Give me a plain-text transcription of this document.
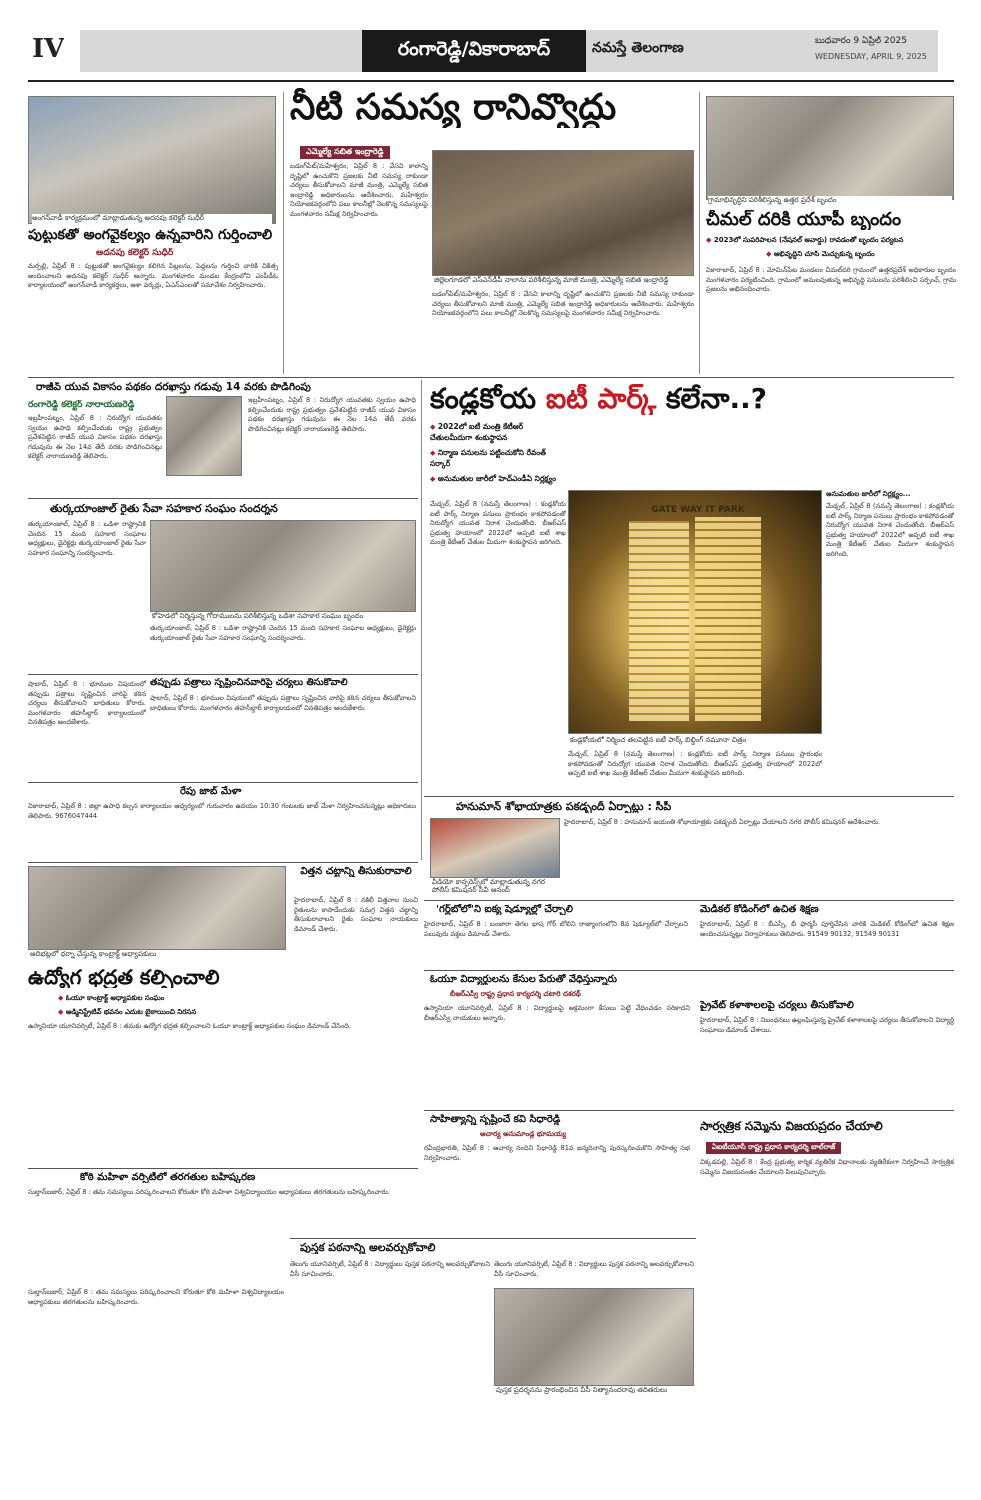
IV	రంగారెడ్డి/వికారాబాద్	నమస్తే తెలంగాణ	బుధవారం 9 ఏప్రిల్ 2025
WEDNESDAY, APRIL 9, 2025
అంగన్‌వాడీ కార్యక్రమంలో మాట్లాడుతున్న అదనపు కలెక్టర్ సుధీర్
పుట్టుకతో అంగవైకల్యం ఉన్నవారిని గుర్తించాలి
అదనపు కలెక్టర్ సుధీర్
మర్పల్లి, ఏప్రిల్ 8 : పుట్టుకతో అంగవైకల్యం కలిగిన పిల్లలను, పెద్దలను గుర్తించి వారికి చికిత్స అందించాలని అదనపు కలెక్టర్ సుధీర్ అన్నారు. మంగళవారం మండల కేంద్రంలోని ఎంపీడీఓ కార్యాలయంలో అంగన్‌వాడీ కార్యకర్తలు, ఆశా వర్కర్లు, ఏఎన్‌ఎంలతో సమావేశం నిర్వహించారు.
నీటి సమస్య రానివ్వొద్దు
ఎమ్మెల్యే సబిత ఇంద్రారెడ్డి
బడంగ్‌పేట్/మహేశ్వరం, ఏప్రిల్ 8 : వేసవి కాలాన్ని దృష్టిలో ఉంచుకొని ప్రజలకు నీటి సమస్య రాకుండా చర్యలు తీసుకోవాలని మాజీ మంత్రి, ఎమ్మెల్యే సబిత ఇంద్రారెడ్డి అధికారులను ఆదేశించారు. మహేశ్వరం నియోజకవర్గంలోని పలు కాలనీల్లో నెలకొన్న సమస్యలపై మంగళవారం సమీక్ష నిర్వహించారు.
జిల్లెలగూడలో ఎస్‌ఎన్‌డీపీ నాలాను పరిశీలిస్తున్న మాజీ మంత్రి, ఎమ్మెల్యే సబిత ఇంద్రారెడ్డి
బడంగ్‌పేట్/మహేశ్వరం, ఏప్రిల్ 8 : వేసవి కాలాన్ని దృష్టిలో ఉంచుకొని ప్రజలకు నీటి సమస్య రాకుండా చర్యలు తీసుకోవాలని మాజీ మంత్రి, ఎమ్మెల్యే సబిత ఇంద్రారెడ్డి అధికారులను ఆదేశించారు. మహేశ్వరం నియోజకవర్గంలోని పలు కాలనీల్లో నెలకొన్న సమస్యలపై మంగళవారం సమీక్ష నిర్వహించారు.
గ్రామాభివృద్ధిని పరిశీలిస్తున్న ఉత్తర ప్రదేశ్ బృందం
చీమల్ దరికి యూపీ బృందం
◆ 2023లో సుపరిపాలన (నేషనల్ అవార్డు) రావడంతో బృందం పర్యటన
◆ అభివృద్ధిని చూసి మెచ్చుకున్న బృందం
వికారాబాద్, ఏప్రిల్ 8 : మోమిన్‌పేట మండలం చీమల్‌దరి గ్రామంలో ఉత్తరప్రదేశ్ అధికారుల బృందం మంగళవారం పర్యటించింది. గ్రామంలో అమలవుతున్న అభివృద్ధి పనులను పరిశీలించి సర్పంచ్, గ్రామ ప్రజలను అభినందించారు.
రాజీవ్ యువ వికాసం పథకం దరఖాస్తు గడువు 14 వరకు పొడిగింపు
రంగారెడ్డి కలెక్టర్ నారాయణరెడ్డి
ఇబ్రహీంపట్నం, ఏప్రిల్ 8 : నిరుద్యోగ యువతకు స్వయం ఉపాధి కల్పించేందుకు రాష్ట్ర ప్రభుత్వం ప్రవేశపెట్టిన రాజీవ్ యువ వికాసం పథకం దరఖాస్తు గడువును ఈ నెల 14వ తేదీ వరకు పొడిగించినట్లు కలెక్టర్ నారాయణరెడ్డి తెలిపారు.
ఇబ్రహీంపట్నం, ఏప్రిల్ 8 : నిరుద్యోగ యువతకు స్వయం ఉపాధి కల్పించేందుకు రాష్ట్ర ప్రభుత్వం ప్రవేశపెట్టిన రాజీవ్ యువ వికాసం పథకం దరఖాస్తు గడువును ఈ నెల 14వ తేదీ వరకు పొడిగించినట్లు కలెక్టర్ నారాయణరెడ్డి తెలిపారు.
కండ్లకోయ ఐటీ పార్క్ కలేనా..?
◆ 2022లో ఐటీ మంత్రి కేటీఆర్ చేతులమీదుగా శంకుస్థాపన
◆ నిర్మాణ పనులను పట్టించుకోని రేవంత్ సర్కార్
◆ అనుమతుల జారీలో హెచ్‌ఎండీఏ నిర్లక్ష్యం
మేడ్చల్, ఏప్రిల్ 8 (నమస్తే తెలంగాణ) : కండ్లకోయ ఐటీ పార్క్ నిర్మాణ పనులు ప్రారంభం కాకపోవడంతో నిరుద్యోగ యువత నిరాశ చెందుతోంది. బీఆర్‌ఎస్ ప్రభుత్వ హయాంలో 2022లో అప్పటి ఐటీ శాఖ మంత్రి కేటీఆర్ చేతుల మీదుగా శంకుస్థాపన జరిగింది.
GATE WAY IT PARK
కండ్లకోయలో నిర్మించ తలపెట్టిన ఐటీ పార్క్ బిల్డింగ్ నమూనా చిత్రం
అనుమతుల జారీలో నిర్లక్ష్యం...
మేడ్చల్, ఏప్రిల్ 8 (నమస్తే తెలంగాణ) : కండ్లకోయ ఐటీ పార్క్ నిర్మాణ పనులు ప్రారంభం కాకపోవడంతో నిరుద్యోగ యువత నిరాశ చెందుతోంది. బీఆర్‌ఎస్ ప్రభుత్వ హయాంలో 2022లో అప్పటి ఐటీ శాఖ మంత్రి కేటీఆర్ చేతుల మీదుగా శంకుస్థాపన జరిగింది.
మేడ్చల్, ఏప్రిల్ 8 (నమస్తే తెలంగాణ) : కండ్లకోయ ఐటీ పార్క్ నిర్మాణ పనులు ప్రారంభం కాకపోవడంతో నిరుద్యోగ యువత నిరాశ చెందుతోంది. బీఆర్‌ఎస్ ప్రభుత్వ హయాంలో 2022లో అప్పటి ఐటీ శాఖ మంత్రి కేటీఆర్ చేతుల మీదుగా శంకుస్థాపన జరిగింది.
తుర్కయాంజాల్ రైతు సేవా సహకార సంఘం సందర్శన
తుర్కయాంజాల్, ఏప్రిల్ 8 : ఒడిశా రాష్ట్రానికి చెందిన 15 మంది సహకార సంఘాల అధ్యక్షులు, డైరెక్టర్లు తుర్కయాంజాల్ రైతు సేవా సహకార సంఘాన్ని సందర్శించారు.
కోహెడలో నిర్మిస్తున్న గోదాములను పరిశీలిస్తున్న ఒడిశా సహకార సంఘం బృందం
తుర్కయాంజాల్, ఏప్రిల్ 8 : ఒడిశా రాష్ట్రానికి చెందిన 15 మంది సహకార సంఘాల అధ్యక్షులు, డైరెక్టర్లు తుర్కయాంజాల్ రైతు సేవా సహకార సంఘాన్ని సందర్శించారు.
తప్పుడు పత్రాలు సృష్టించినవారిపై చర్యలు తీసుకోవాలి
షాబాద్, ఏప్రిల్ 8 : భూముల విషయంలో తప్పుడు పత్రాలు సృష్టించిన వారిపై కఠిన చర్యలు తీసుకోవాలని బాధితులు కోరారు. మంగళవారం తహసీల్దార్ కార్యాలయంలో వినతిపత్రం అందజేశారు.
షాబాద్, ఏప్రిల్ 8 : భూముల విషయంలో తప్పుడు పత్రాలు సృష్టించిన వారిపై కఠిన చర్యలు తీసుకోవాలని బాధితులు కోరారు. మంగళవారం తహసీల్దార్ కార్యాలయంలో వినతిపత్రం అందజేశారు.
రేపు జాబ్ మేళా
వికారాబాద్, ఏప్రిల్ 8 : జిల్లా ఉపాధి కల్పన కార్యాలయం ఆధ్వర్యంలో గురువారం ఉదయం 10:30 గంటలకు జాబ్ మేళా నిర్వహించనున్నట్లు అధికారులు తెలిపారు. 9676047444
హనుమాన్ శోభాయాత్రకు పకడ్బందీ ఏర్పాట్లు : సీపీ
వీడియో కాన్ఫరెన్స్‌లో మాట్లాడుతున్న నగర పోలీస్ కమిషనర్ సీవీ ఆనంద్
హైదరాబాద్, ఏప్రిల్ 8 : హనుమాన్ జయంతి శోభాయాత్రకు పకడ్బందీ ఏర్పాట్లు చేయాలని నగర పోలీస్ కమిషనర్ ఆదేశించారు.
ఆదిభట్లలో ధర్నా చేస్తున్న కాంట్రాక్ట్ అధ్యాపకులు
విత్తన చట్టాన్ని తీసుకురావాలి
హైదరాబాద్, ఏప్రిల్ 8 : నకిలీ విత్తనాల నుంచి రైతులను కాపాడేందుకు సమగ్ర విత్తన చట్టాన్ని తీసుకురావాలని రైతు సంఘాల నాయకులు డిమాండ్ చేశారు.
ఉద్యోగ భద్రత కల్పించాలి
◆ ఓయూ కాంట్రాక్ట్ అధ్యాపకుల సంఘం
◆ అడ్మినిస్ట్రేటివ్ భవనం ఎదుట బైఠాయించి నిరసన
ఉస్మానియా యూనివర్సిటీ, ఏప్రిల్ 8 : తమకు ఉద్యోగ భద్రత కల్పించాలని ఓయూ కాంట్రాక్ట్ అధ్యాపకుల సంఘం డిమాండ్ చేసింది.
'గర్ల్‌బోలో'ని ఐక్య షెడ్యూల్లో చేర్చాలి
హైదరాబాద్, ఏప్రిల్ 8 : బంజారా తెగల భాష గోర్ బోలిని రాజ్యాంగంలోని 8వ షెడ్యూల్‌లో చేర్చాలని పలువురు వక్తలు డిమాండ్ చేశారు.
మెడికల్ కోడింగ్‌లో ఉచిత శిక్షణ
హైదరాబాద్, ఏప్రిల్ 8 : బీఎస్సీ, బీ ఫార్మసీ పూర్తిచేసిన వారికి మెడికల్ కోడింగ్‌లో ఉచిత శిక్షణ అందించనున్నట్లు నిర్వాహకులు తెలిపారు. 91549 90132, 91549 90131
ఓయూ విద్యార్థులను కేసుల పేరుతో వేధిస్తున్నారు
బీఆర్‌ఎస్వీ రాష్ట్ర ప్రధాన కార్యదర్శి చటారి దశరథ్
ఉస్మానియా యూనివర్సిటీ, ఏప్రిల్ 8 : విద్యార్థులపై అక్రమంగా కేసులు పెట్టి వేధించడం సరికాదని బీఆర్‌ఎస్వీ నాయకులు అన్నారు.
ప్రైవేట్ కళాశాలలపై చర్యలు తీసుకోవాలి
హైదరాబాద్, ఏప్రిల్ 8 : నిబంధనలు ఉల్లంఘిస్తున్న ప్రైవేట్ కళాశాలలపై చర్యలు తీసుకోవాలని విద్యార్థి సంఘాలు డిమాండ్ చేశాయి.
సాహిత్యాన్ని సృష్టించే కవి సిధారెడ్డి
ఆచార్య అనుమాండ్ల భూమయ్య
రవీంద్రభారతి, ఏప్రిల్ 8 : ఆచార్య నందిని సిధారెడ్డి 81వ జన్మదినాన్ని పురస్కరించుకొని సాహిత్య సభ నిర్వహించారు.
సార్వత్రిక సమ్మెను విజయప్రదం చేయాలి
ఏఐటీయూసీ రాష్ట్ర ప్రధాన కార్యదర్శి బాల్‌రాజ్
చిక్కడపల్లి, ఏప్రిల్ 8 : కేంద్ర ప్రభుత్వ కార్మిక వ్యతిరేక విధానాలకు వ్యతిరేకంగా నిర్వహించే సార్వత్రిక సమ్మెను విజయవంతం చేయాలని పిలుపునిచ్చారు.
కోఠి మహిళా వర్సిటీలో తరగతుల బహిష్కరణ
సుల్తాన్‌బజార్, ఏప్రిల్ 8 : తమ సమస్యలు పరిష్కరించాలని కోరుతూ కోఠి మహిళా విశ్వవిద్యాలయం అధ్యాపకులు తరగతులను బహిష్కరించారు.
పుస్తక పఠనాన్ని అలవర్చుకోవాలి
తెలుగు యూనివర్సిటీ, ఏప్రిల్ 8 : విద్యార్థులు పుస్తక పఠనాన్ని అలవర్చుకోవాలని వీసీ సూచించారు.
పుస్తక ప్రదర్శనను ప్రారంభించిన వీసీ నిత్యానందరావు తదితరులు
తెలుగు యూనివర్సిటీ, ఏప్రిల్ 8 : విద్యార్థులు పుస్తక పఠనాన్ని అలవర్చుకోవాలని వీసీ సూచించారు.
సుల్తాన్‌బజార్, ఏప్రిల్ 8 : తమ సమస్యలు పరిష్కరించాలని కోరుతూ కోఠి మహిళా విశ్వవిద్యాలయం అధ్యాపకులు తరగతులను బహిష్కరించారు.
